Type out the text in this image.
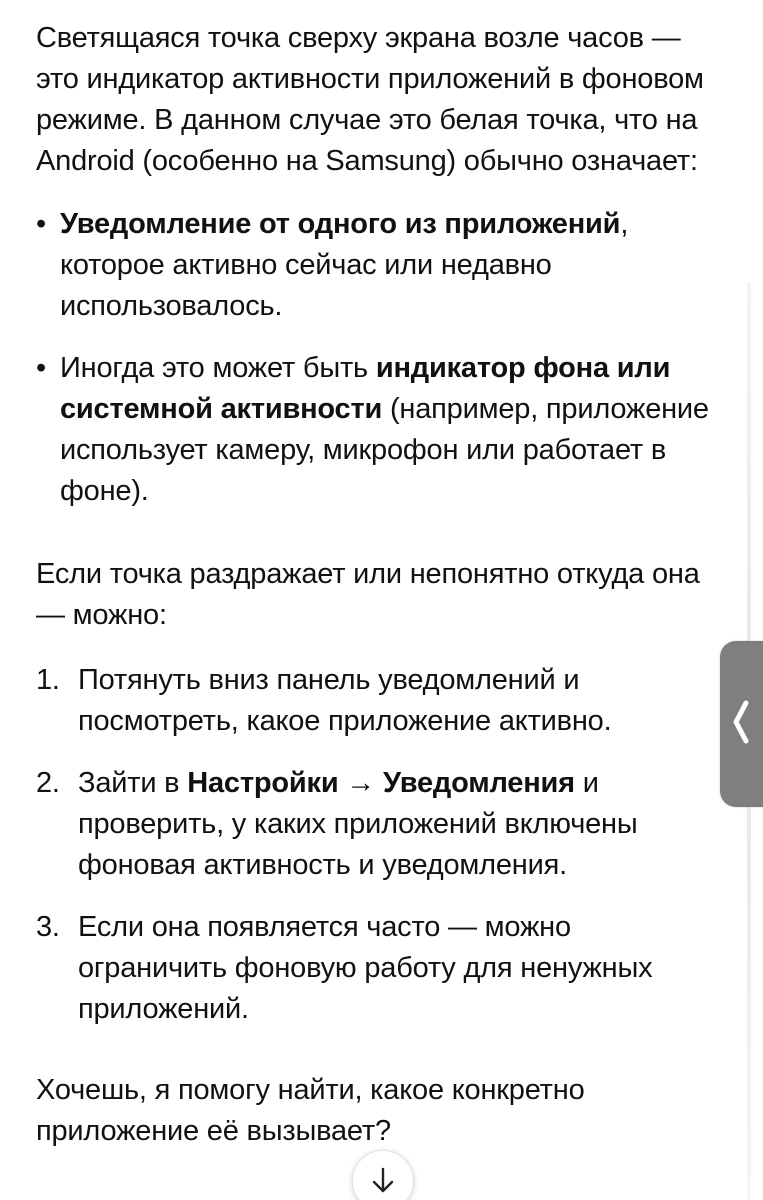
Светящаяся точка сверху экрана возле часов — это индикатор активности приложений в фоновом режиме. В данном случае это белая точка, что на Android (особенно на Samsung) обычно означает:

• Уведомление от одного из приложений, которое активно сейчас или недавно использовалось.
• Иногда это может быть индикатор фона или системной активности (например, приложение использует камеру, микрофон или работает в фоне).

Если точка раздражает или непонятно откуда она — можно:

1. Потянуть вниз панель уведомлений и посмотреть, какое приложение активно.
2. Зайти в Настройки → Уведомления и проверить, у каких приложений включены фоновая активность и уведомления.
3. Если она появляется часто — можно ограничить фоновую работу для ненужных приложений.

Хочешь, я помогу найти, какое конкретно приложение её вызывает?
